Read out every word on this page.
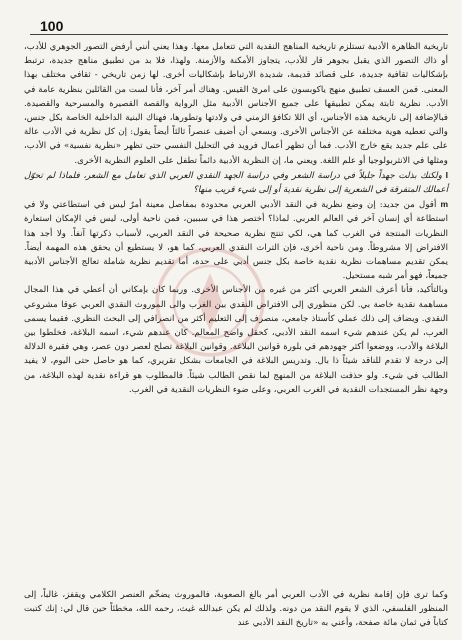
100

تاريخية الظاهرة الأدبية تستلزم تاريخية المناهج النقدية التي تتعامل معها. وهذا يعني أنني أرفض التصور الجوهري للأدب، أو ذاك التصور الذي يقبل بجوهر قار للأدب، يتجاوز الأمكنة والأزمنة. ولهذا، فلا بد من تطبيق مناهج جديدة، ترتبط بإشكاليات ثقافية جديدة، على قصائد قديمة، شديدة الارتباط بإشكاليات أخرى. لها زمن تاريخي - ثقافي مختلف بهذا المعنى. فمن العسف تطبيق منهج ياكوبسون على امرئ القيس. وهناك أمر آخر، فأنا لست من القائلين بنظرية عامة في الأدب. نظرية ثابتة يمكن تطبيقها على جميع الأجناس الأدبية مثل الرواية والقصة القصيرة والمسرحية والقصيدة. فبالإضافة إلى تاريخية هذه الأجناس، أي اللا تكافؤ الزمني في ولادتها وتطورها، فهناك البنية الداخلية الخاصة بكل جنس، والتي تعطيه هوية مختلفة عن الأجناس الأخرى. وبسعي أن أضيف عنصراً ثالثاً أيضاً يقول: إن كل نظرية في الأدب عالة على علم جديد يقع خارج الأدب. فما أن تظهر أعمال فرويد في التحليل النفسي حتى تظهر «نظرية نفسية» في الأدب، ومثلها في الانثربولوجيا أو علم اللغة. ويعني ما، إن النظرية الأدبية دائماً تطفل على العلوم النظرية الأخرى.

I ولكنك بذلت جهداً جليلاً في دراسة الشعر وفي دراسة الجهد النقدي العربي الذي تعامل مع الشعر، فلماذا لم تحوّل أعمالك المتفرقة في الشعرية إلى نظرية نقدية أو إلى شيء قريب منها؟

m أقول من جديد: إن وضع نظرية في النقد الأدبي العربي محدودة بمفاصل معينة أمرٌ ليس في استطاعتي ولا في استطاعة أي إنسان آخر في العالم العربي. لماذا؟ أختصر هذا في سببين، فمن ناحية أولى، ليس في الإمكان استعارة النظريات المنتجة في الغرب كما هي، لكي تنتج نظرية صحيحة في النقد العربي، لأسباب ذكرتها آنفاً. ولا أجد هذا الافتراض إلا مشروطاً. ومن ناحية أخرى، فإن التراث النقدي العربي، كما هو، لا يستطيع أن يحقق هذه المهمة أيضاً. يمكن تقديم مساهمات نظرية نقدية خاصة بكل جنس أدبي على حدة، أما تقديم نظرية شاملة تعالج الأجناس الأدبية جميعاً، فهو أمر شبه مستحيل.

وبالتأكيد، فأنا أعرف الشعر العربي أكثر من غيره من الأجناس الأخرى. وربما كان بإمكاني أن أعطي في هذا المجال مساهمة نقدية خاصة بي. لكن منظوري إلى الافتراض النقدي بين الغرب والى الموروث النقدي العربي عوقا مشروعي النقدي. ويضاف إلى ذلك عملي كأستاذ جامعي، منصرف إلى التعليم أكثر من انصرافي إلى البحث النظري. فقيما يسمى العرب، لم يكن عندهم شيء اسمه النقد الأدبي، كحقل واضح المعالم. كان عندهم شيء، اسمه البلاغة، فخلطوا بين البلاغة والأدب، ووضعوا أكثر جهودهم في بلورة قوانين البلاغة. وقوانين البلاغة تصلح لعصر دون عصر، وهي فقيرة الدلالة إلى درجة لا تقدم للناقد شيئاً ذا بال. وتدريس البلاغة في الجامعات بشكل تقريري، كما هو حاصل حتى اليوم، لا يفيد الطالب في شيء. ولو حذفت البلاغة من المنهج لما نقص الطالب شيئاً. فالمطلوب هو قراءة نقدية لهذه البلاغة، من وجهة نظر المستجدات النقدية في الغرب العربي، وعلى ضوء النظريات النقدية في الغرب.

وكما ترى فإن إقامة نظرية في الأدب العربي أمر بالغ الصعوبة، فالموروث يضخّم العنصر الكلامي ويقفز، غالباً، إلى المنظور الفلسفي، الذي لا يقوم النقد من دونه. ولذلك لم يكن عبدالله غيث، رحمه الله، مخطئاً حين قال لي: إنك كتبت كتاباً في ثمان مائة صفحة، وأعني به «تاريخ النقد الأدبي عند
